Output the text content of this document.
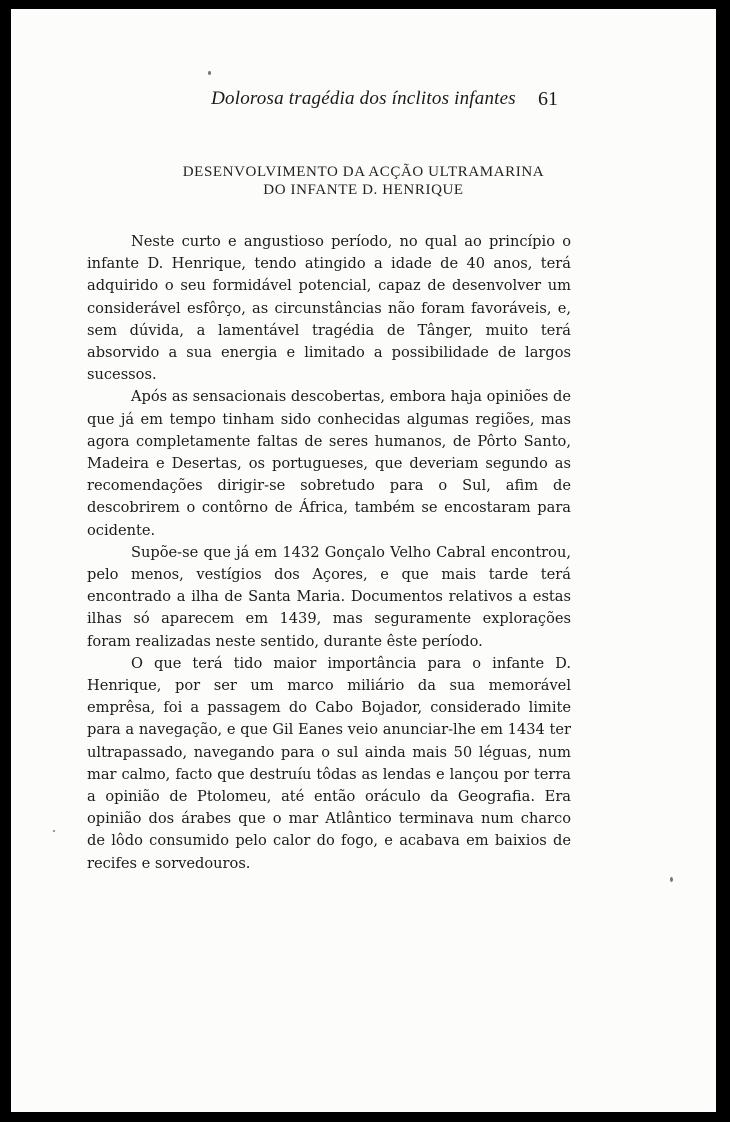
Dolorosa tragédia dos ínclitos infantes	61
DESENVOLVIMENTO DA ACÇÃO ULTRAMARINA
DO INFANTE D. HENRIQUE

Neste curto e angustioso período, no qual ao princípio o infante D. Henrique, tendo atingido a idade de 40 anos, terá adquirido o seu formidável potencial, capaz de desenvolver um considerável esfôrço, as circunstâncias não foram favoráveis, e, sem dúvida, a lamentável tragédia de Tânger, muito terá absorvido a sua energia e limitado a possibilidade de largos sucessos.

Após as sensacionais descobertas, embora haja opiniões de que já em tempo tinham sido conhecidas algumas regiões, mas agora completamente faltas de seres humanos, de Pôrto Santo, Madeira e Desertas, os portugueses, que deveriam segundo as recomendações dirigir-se sobretudo para o Sul, afim de descobrirem o contôrno de África, também se encostaram para ocidente.

Supõe-se que já em 1432 Gonçalo Velho Cabral encontrou, pelo menos, vestígios dos Açores, e que mais tarde terá encontrado a ilha de Santa Maria. Documentos relativos a estas ilhas só aparecem em 1439, mas seguramente explorações foram realizadas neste sentido, durante êste período.

O que terá tido maior importância para o infante D. Henrique, por ser um marco miliário da sua memorável emprêsa, foi a passagem do Cabo Bojador, considerado limite para a navegação, e que Gil Eanes veio anunciar-lhe em 1434 ter ultrapassado, navegando para o sul ainda mais 50 léguas, num mar calmo, facto que destruíu tôdas as lendas e lançou por terra a opinião de Ptolomeu, até então oráculo da Geografia. Era opinião dos árabes que o mar Atlântico terminava num charco de lôdo consumido pelo calor do fogo, e acabava em baixios de recifes e sorvedouros.
